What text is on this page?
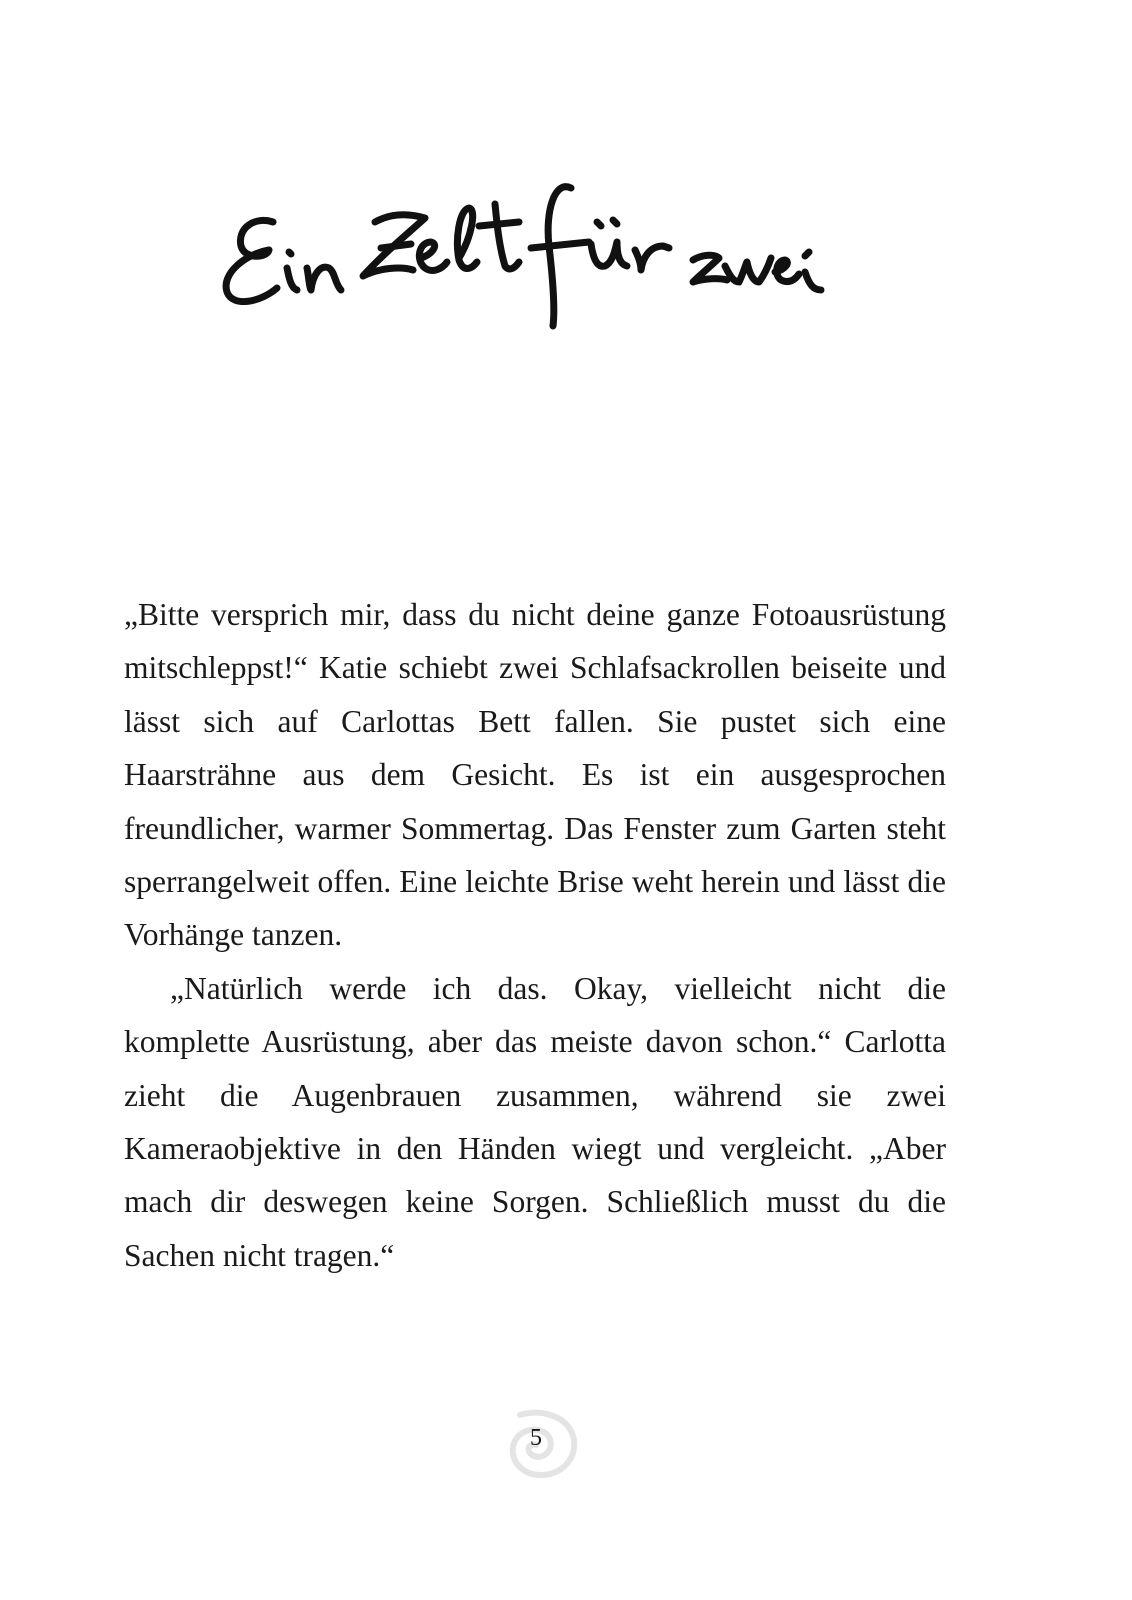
„Bitte versprich mir, dass du nicht deine ganze Fotoausrüstung mitschleppst!“ Katie schiebt zwei Schlafsackrollen beiseite und lässt sich auf Carlottas Bett fallen. Sie pustet sich eine Haarsträhne aus dem Gesicht. Es ist ein ausgesprochen freundlicher, warmer Sommertag. Das Fenster zum Garten steht sperrangelweit offen. Eine leichte Brise weht herein und lässt die Vorhänge tanzen.

„Natürlich werde ich das. Okay, vielleicht nicht die komplette Ausrüstung, aber das meiste davon schon.“ Carlotta zieht die Augenbrauen zusammen, während sie zwei Kameraobjektive in den Händen wiegt und vergleicht. „Aber mach dir deswegen keine Sorgen. Schließlich musst du die Sachen nicht tragen.“

5
